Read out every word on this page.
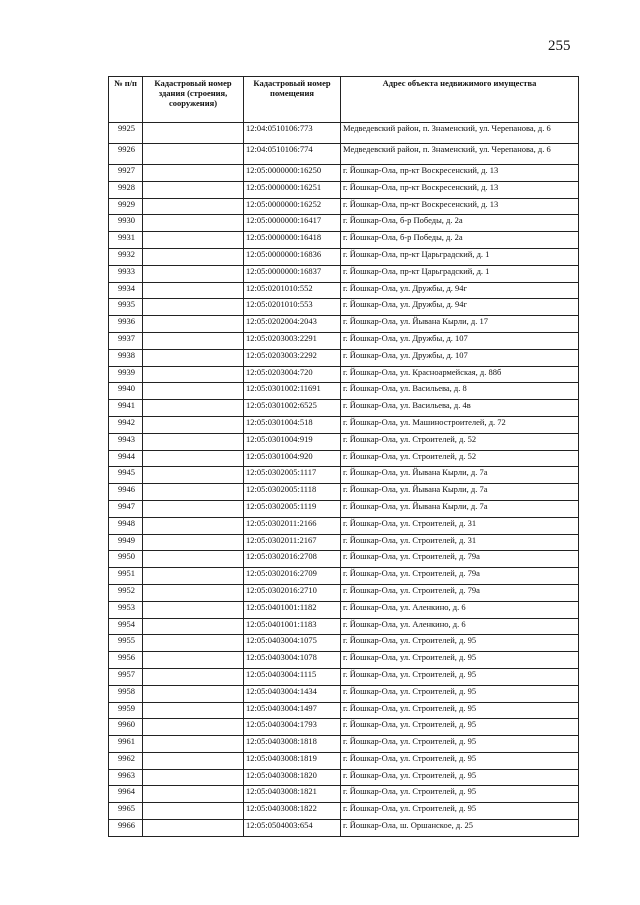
255
№ п/п	Кадастровый номер здания (строения, сооружения)	Кадастровый номер помещения	Адрес объекта недвижимого имущества
9925		12:04:0510106:773	Медведевский район, п. Знаменский, ул. Черепанова, д. 6
9926		12:04:0510106:774	Медведевский район, п. Знаменский, ул. Черепанова, д. 6
9927		12:05:0000000:16250	г. Йошкар-Ола, пр-кт Воскресенский, д. 13
9928		12:05:0000000:16251	г. Йошкар-Ола, пр-кт Воскресенский, д. 13
9929		12:05:0000000:16252	г. Йошкар-Ола, пр-кт Воскресенский, д. 13
9930		12:05:0000000:16417	г. Йошкар-Ола, б-р Победы, д. 2а
9931		12:05:0000000:16418	г. Йошкар-Ола, б-р Победы, д. 2а
9932		12:05:0000000:16836	г. Йошкар-Ола, пр-кт Царьградский, д. 1
9933		12:05:0000000:16837	г. Йошкар-Ола, пр-кт Царьградский, д. 1
9934		12:05:0201010:552	г. Йошкар-Ола, ул. Дружбы, д. 94г
9935		12:05:0201010:553	г. Йошкар-Ола, ул. Дружбы, д. 94г
9936		12:05:0202004:2043	г. Йошкар-Ола, ул. Йывана Кырли, д. 17
9937		12:05:0203003:2291	г. Йошкар-Ола, ул. Дружбы, д. 107
9938		12:05:0203003:2292	г. Йошкар-Ола, ул. Дружбы, д. 107
9939		12:05:0203004:720	г. Йошкар-Ола, ул. Красноармейская, д. 88б
9940		12:05:0301002:11691	г. Йошкар-Ола, ул. Васильева, д. 8
9941		12:05:0301002:6525	г. Йошкар-Ола, ул. Васильева, д. 4в
9942		12:05:0301004:518	г. Йошкар-Ола, ул. Машиностроителей, д. 72
9943		12:05:0301004:919	г. Йошкар-Ола, ул. Строителей, д. 52
9944		12:05:0301004:920	г. Йошкар-Ола, ул. Строителей, д. 52
9945		12:05:0302005:1117	г. Йошкар-Ола, ул. Йывана Кырли, д. 7а
9946		12:05:0302005:1118	г. Йошкар-Ола, ул. Йывана Кырли, д. 7а
9947		12:05:0302005:1119	г. Йошкар-Ола, ул. Йывана Кырли, д. 7а
9948		12:05:0302011:2166	г. Йошкар-Ола, ул. Строителей, д. 31
9949		12:05:0302011:2167	г. Йошкар-Ола, ул. Строителей, д. 31
9950		12:05:0302016:2708	г. Йошкар-Ола, ул. Строителей, д. 79а
9951		12:05:0302016:2709	г. Йошкар-Ола, ул. Строителей, д. 79а
9952		12:05:0302016:2710	г. Йошкар-Ола, ул. Строителей, д. 79а
9953		12:05:0401001:1182	г. Йошкар-Ола, ул. Аленкино, д. 6
9954		12:05:0401001:1183	г. Йошкар-Ола, ул. Аленкино, д. 6
9955		12:05:0403004:1075	г. Йошкар-Ола, ул. Строителей, д. 95
9956		12:05:0403004:1078	г. Йошкар-Ола, ул. Строителей, д. 95
9957		12:05:0403004:1115	г. Йошкар-Ола, ул. Строителей, д. 95
9958		12:05:0403004:1434	г. Йошкар-Ола, ул. Строителей, д. 95
9959		12:05:0403004:1497	г. Йошкар-Ола, ул. Строителей, д. 95
9960		12:05:0403004:1793	г. Йошкар-Ола, ул. Строителей, д. 95
9961		12:05:0403008:1818	г. Йошкар-Ола, ул. Строителей, д. 95
9962		12:05:0403008:1819	г. Йошкар-Ола, ул. Строителей, д. 95
9963		12:05:0403008:1820	г. Йошкар-Ола, ул. Строителей, д. 95
9964		12:05:0403008:1821	г. Йошкар-Ола, ул. Строителей, д. 95
9965		12:05:0403008:1822	г. Йошкар-Ола, ул. Строителей, д. 95
9966		12:05:0504003:654	г. Йошкар-Ола, ш. Оршанское, д. 25
